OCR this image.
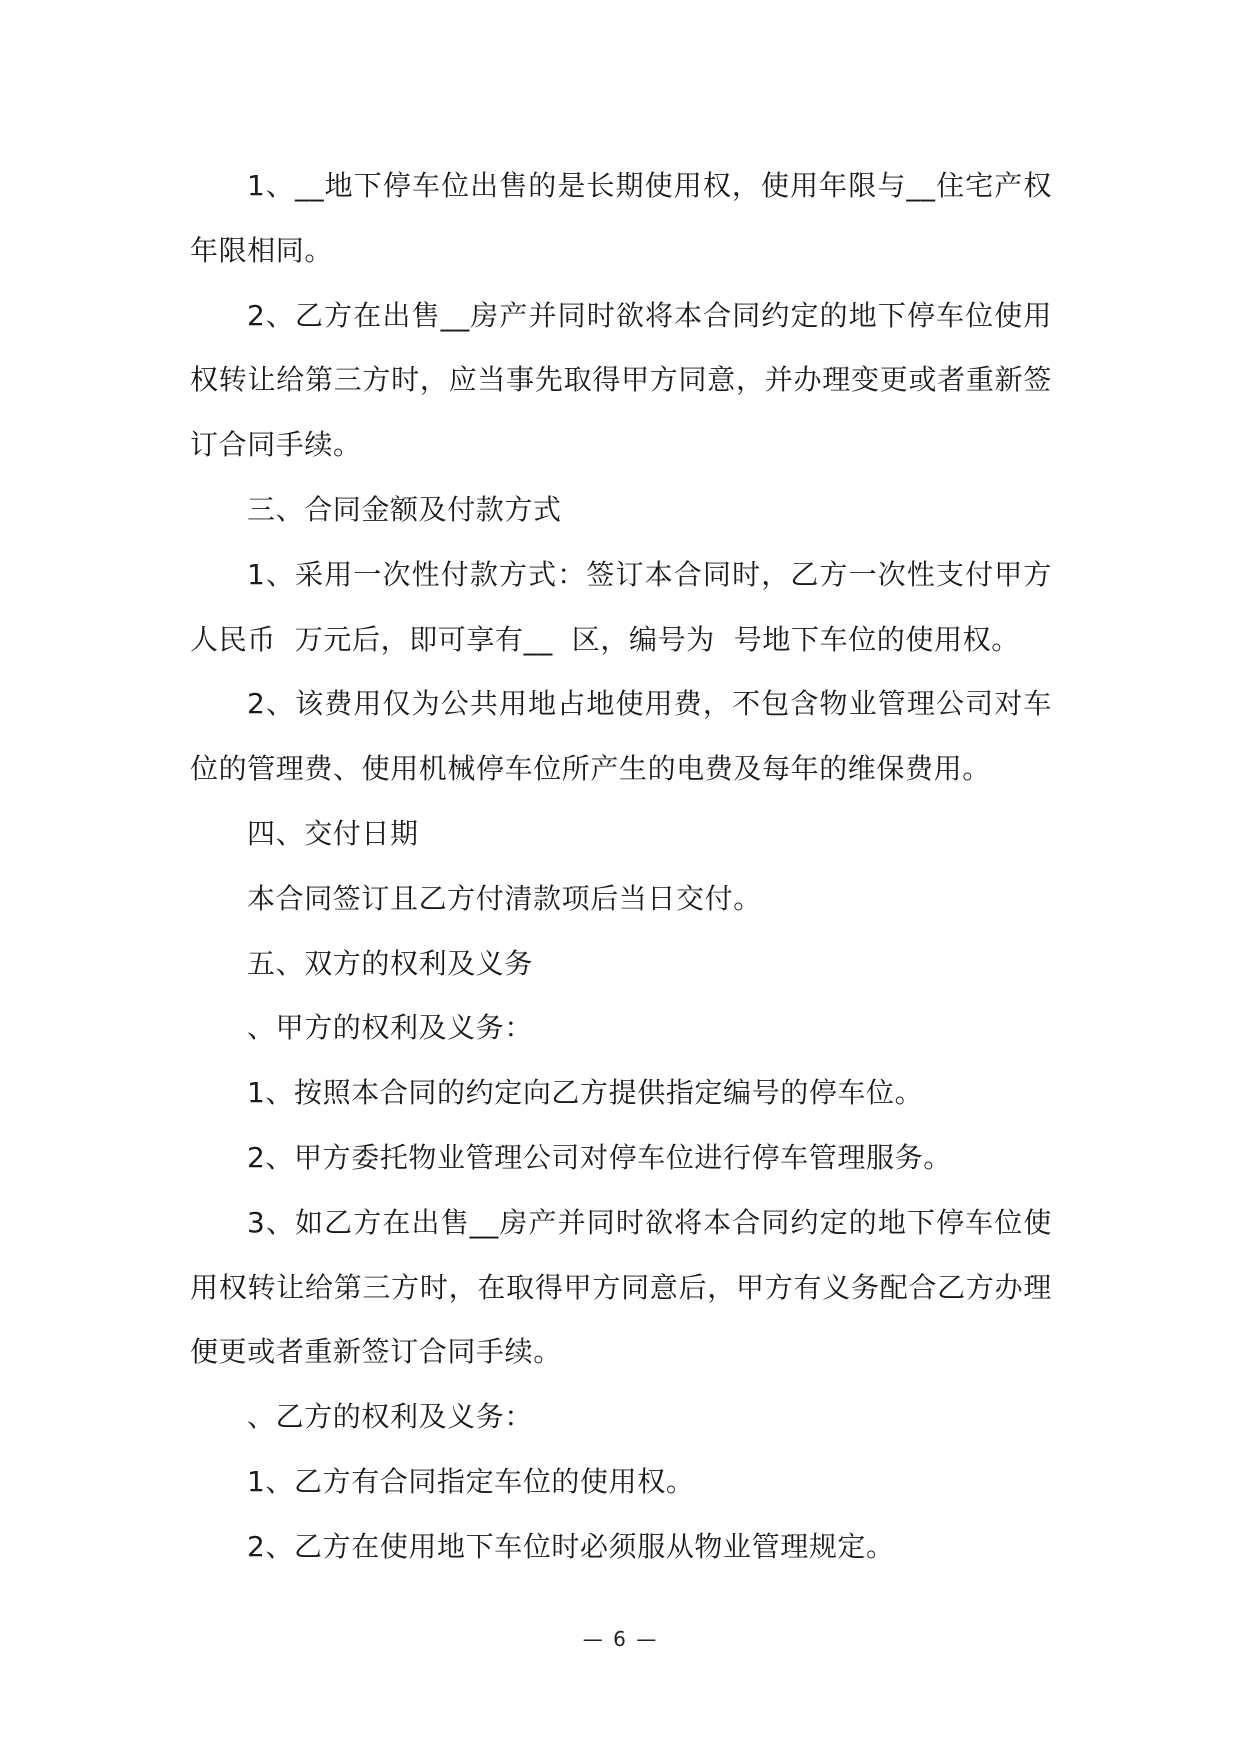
1、__地下停车位出售的是长期使用权，使用年限与__住宅产权年限相同。

2、乙方在出售__房产并同时欲将本合同约定的地下停车位使用权转让给第三方时，应当事先取得甲方同意，并办理变更或者重新签订合同手续。

三、合同金额及付款方式

1、采用一次性付款方式：签订本合同时，乙方一次性支付甲方人民币  万元后，即可享有__  区，编号为  号地下车位的使用权。

2、该费用仅为公共用地占地使用费，不包含物业管理公司对车位的管理费、使用机械停车位所产生的电费及每年的维保费用。

四、交付日期

本合同签订且乙方付清款项后当日交付。

五、双方的权利及义务

、甲方的权利及义务：

1、按照本合同的约定向乙方提供指定编号的停车位。

2、甲方委托物业管理公司对停车位进行停车管理服务。

3、如乙方在出售__房产并同时欲将本合同约定的地下停车位使用权转让给第三方时，在取得甲方同意后，甲方有义务配合乙方办理便更或者重新签订合同手续。

、乙方的权利及义务：

1、乙方有合同指定车位的使用权。

2、乙方在使用地下车位时必须服从物业管理规定。

— 6 —
